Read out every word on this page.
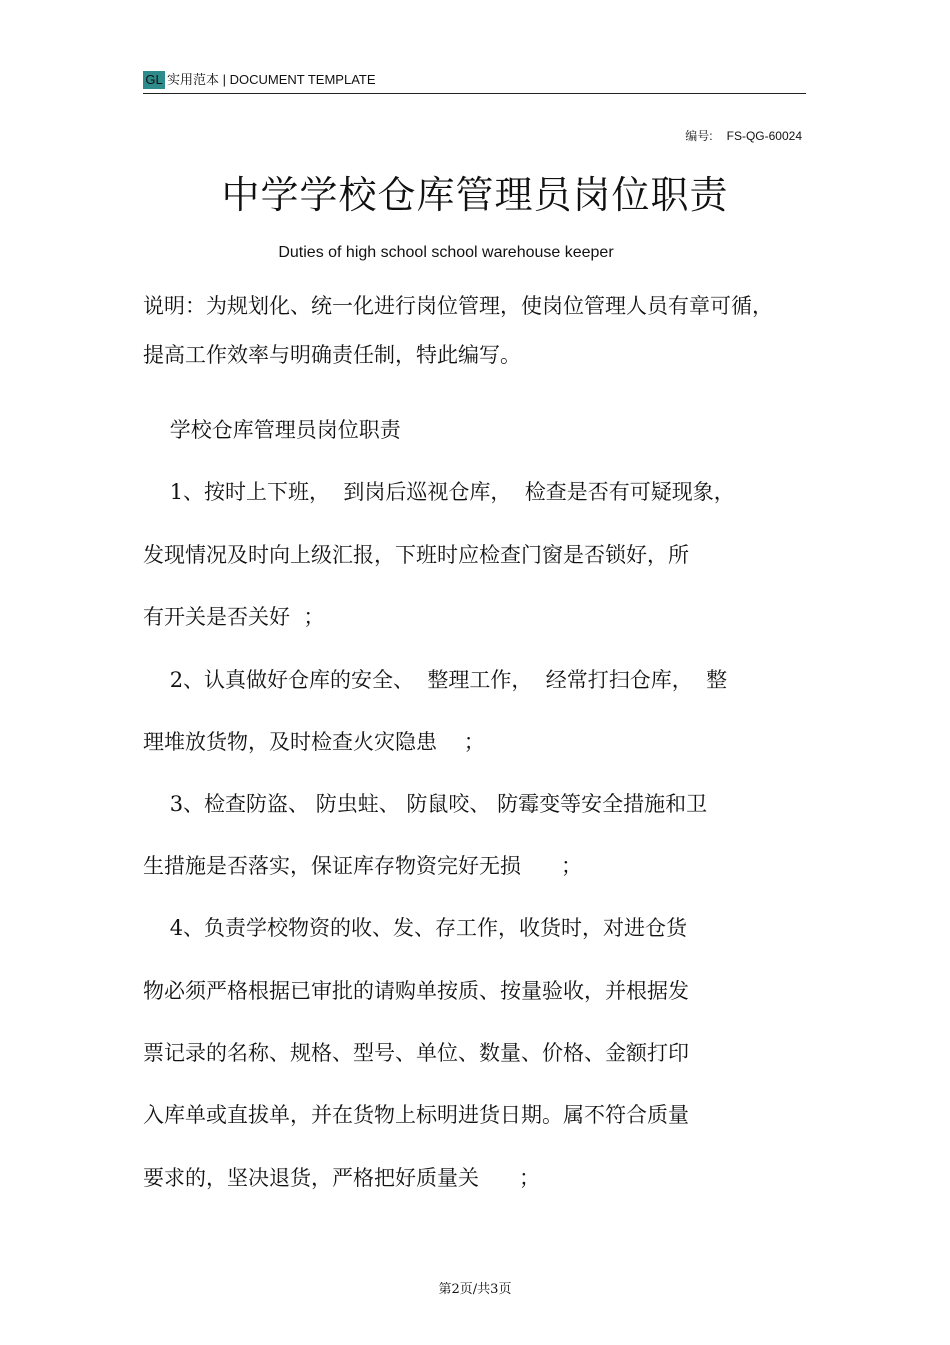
GL 实用范本 | DOCUMENT TEMPLATE
编号: FS-QG-60024
中学学校仓库管理员岗位职责
Duties of high school school warehouse keeper
说明：为规划化、统一化进行岗位管理，使岗位管理人员有章可循，
提高工作效率与明确责任制，特此编写。
学校仓库管理员岗位职责
1、按时上下班，  到岗后巡视仓库，  检查是否有可疑现象，
发现情况及时向上级汇报，下班时应检查门窗是否锁好，所
有开关是否关好  ；
2、认真做好仓库的安全、  整理工作，  经常打扫仓库，  整
理堆放货物，及时检查火灾隐患    ；
3、检查防盗、 防虫蛀、 防鼠咬、 防霉变等安全措施和卫
生措施是否落实，保证库存物资完好无损      ；
4、负责学校物资的收、发、存工作，收货时，对进仓货
物必须严格根据已审批的请购单按质、按量验收，并根据发
票记录的名称、规格、型号、单位、数量、价格、金额打印
入库单或直拔单，并在货物上标明进货日期。属不符合质量
要求的，坚决退货，严格把好质量关      ；
第2页/共3页
